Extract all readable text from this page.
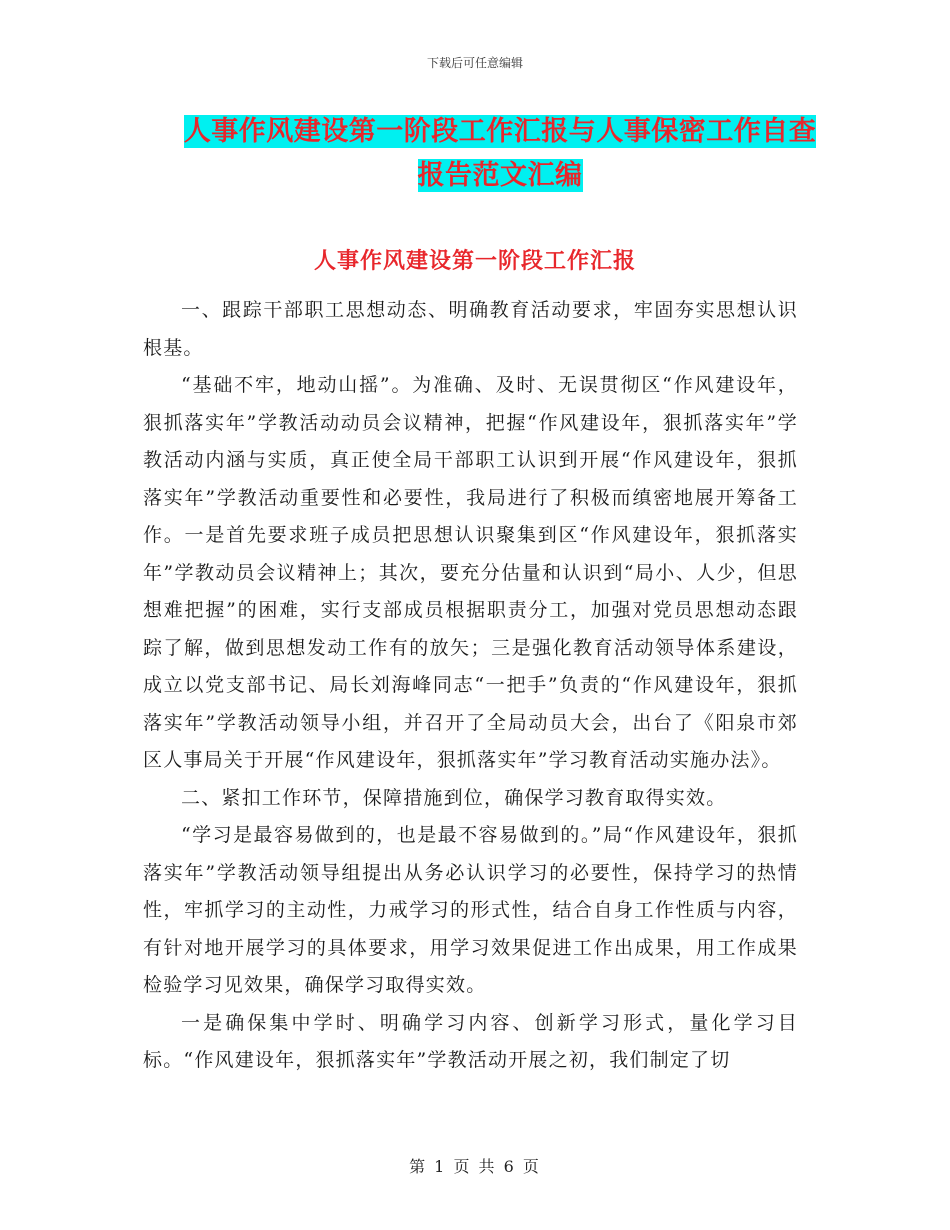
下载后可任意编辑
人事作风建设第一阶段工作汇报与人事保密工作自查
报告范文汇编
人事作风建设第一阶段工作汇报

一、跟踪干部职工思想动态、明确教育活动要求，牢固夯实思想认识根基。

“基础不牢，地动山摇”。为准确、及时、无误贯彻区“作风建设年，狠抓落实年”学教活动动员会议精神，把握“作风建设年，狠抓落实年”学教活动内涵与实质，真正使全局干部职工认识到开展“作风建设年，狠抓落实年”学教活动重要性和必要性，我局进行了积极而缜密地展开筹备工作。一是首先要求班子成员把思想认识聚集到区“作风建设年，狠抓落实年”学教动员会议精神上；其次，要充分估量和认识到“局小、人少，但思想难把握”的困难，实行支部成员根据职责分工，加强对党员思想动态跟踪了解，做到思想发动工作有的放矢；三是强化教育活动领导体系建设，成立以党支部书记、局长刘海峰同志“一把手”负责的“作风建设年，狠抓落实年”学教活动领导小组，并召开了全局动员大会，出台了《阳泉市郊区人事局关于开展“作风建设年，狠抓落实年”学习教育活动实施办法》。

二、紧扣工作环节，保障措施到位，确保学习教育取得实效。

“学习是最容易做到的，也是最不容易做到的。”局“作风建设年，狠抓落实年”学教活动领导组提出从务必认识学习的必要性，保持学习的热情性，牢抓学习的主动性，力戒学习的形式性，结合自身工作性质与内容，有针对地开展学习的具体要求，用学习效果促进工作出成果，用工作成果检验学习见效果，确保学习取得实效。

一是确保集中学时、明确学习内容、创新学习形式，量化学习目标。“作风建设年，狠抓落实年”学教活动开展之初，我们制定了切

第 1 页 共 6 页
